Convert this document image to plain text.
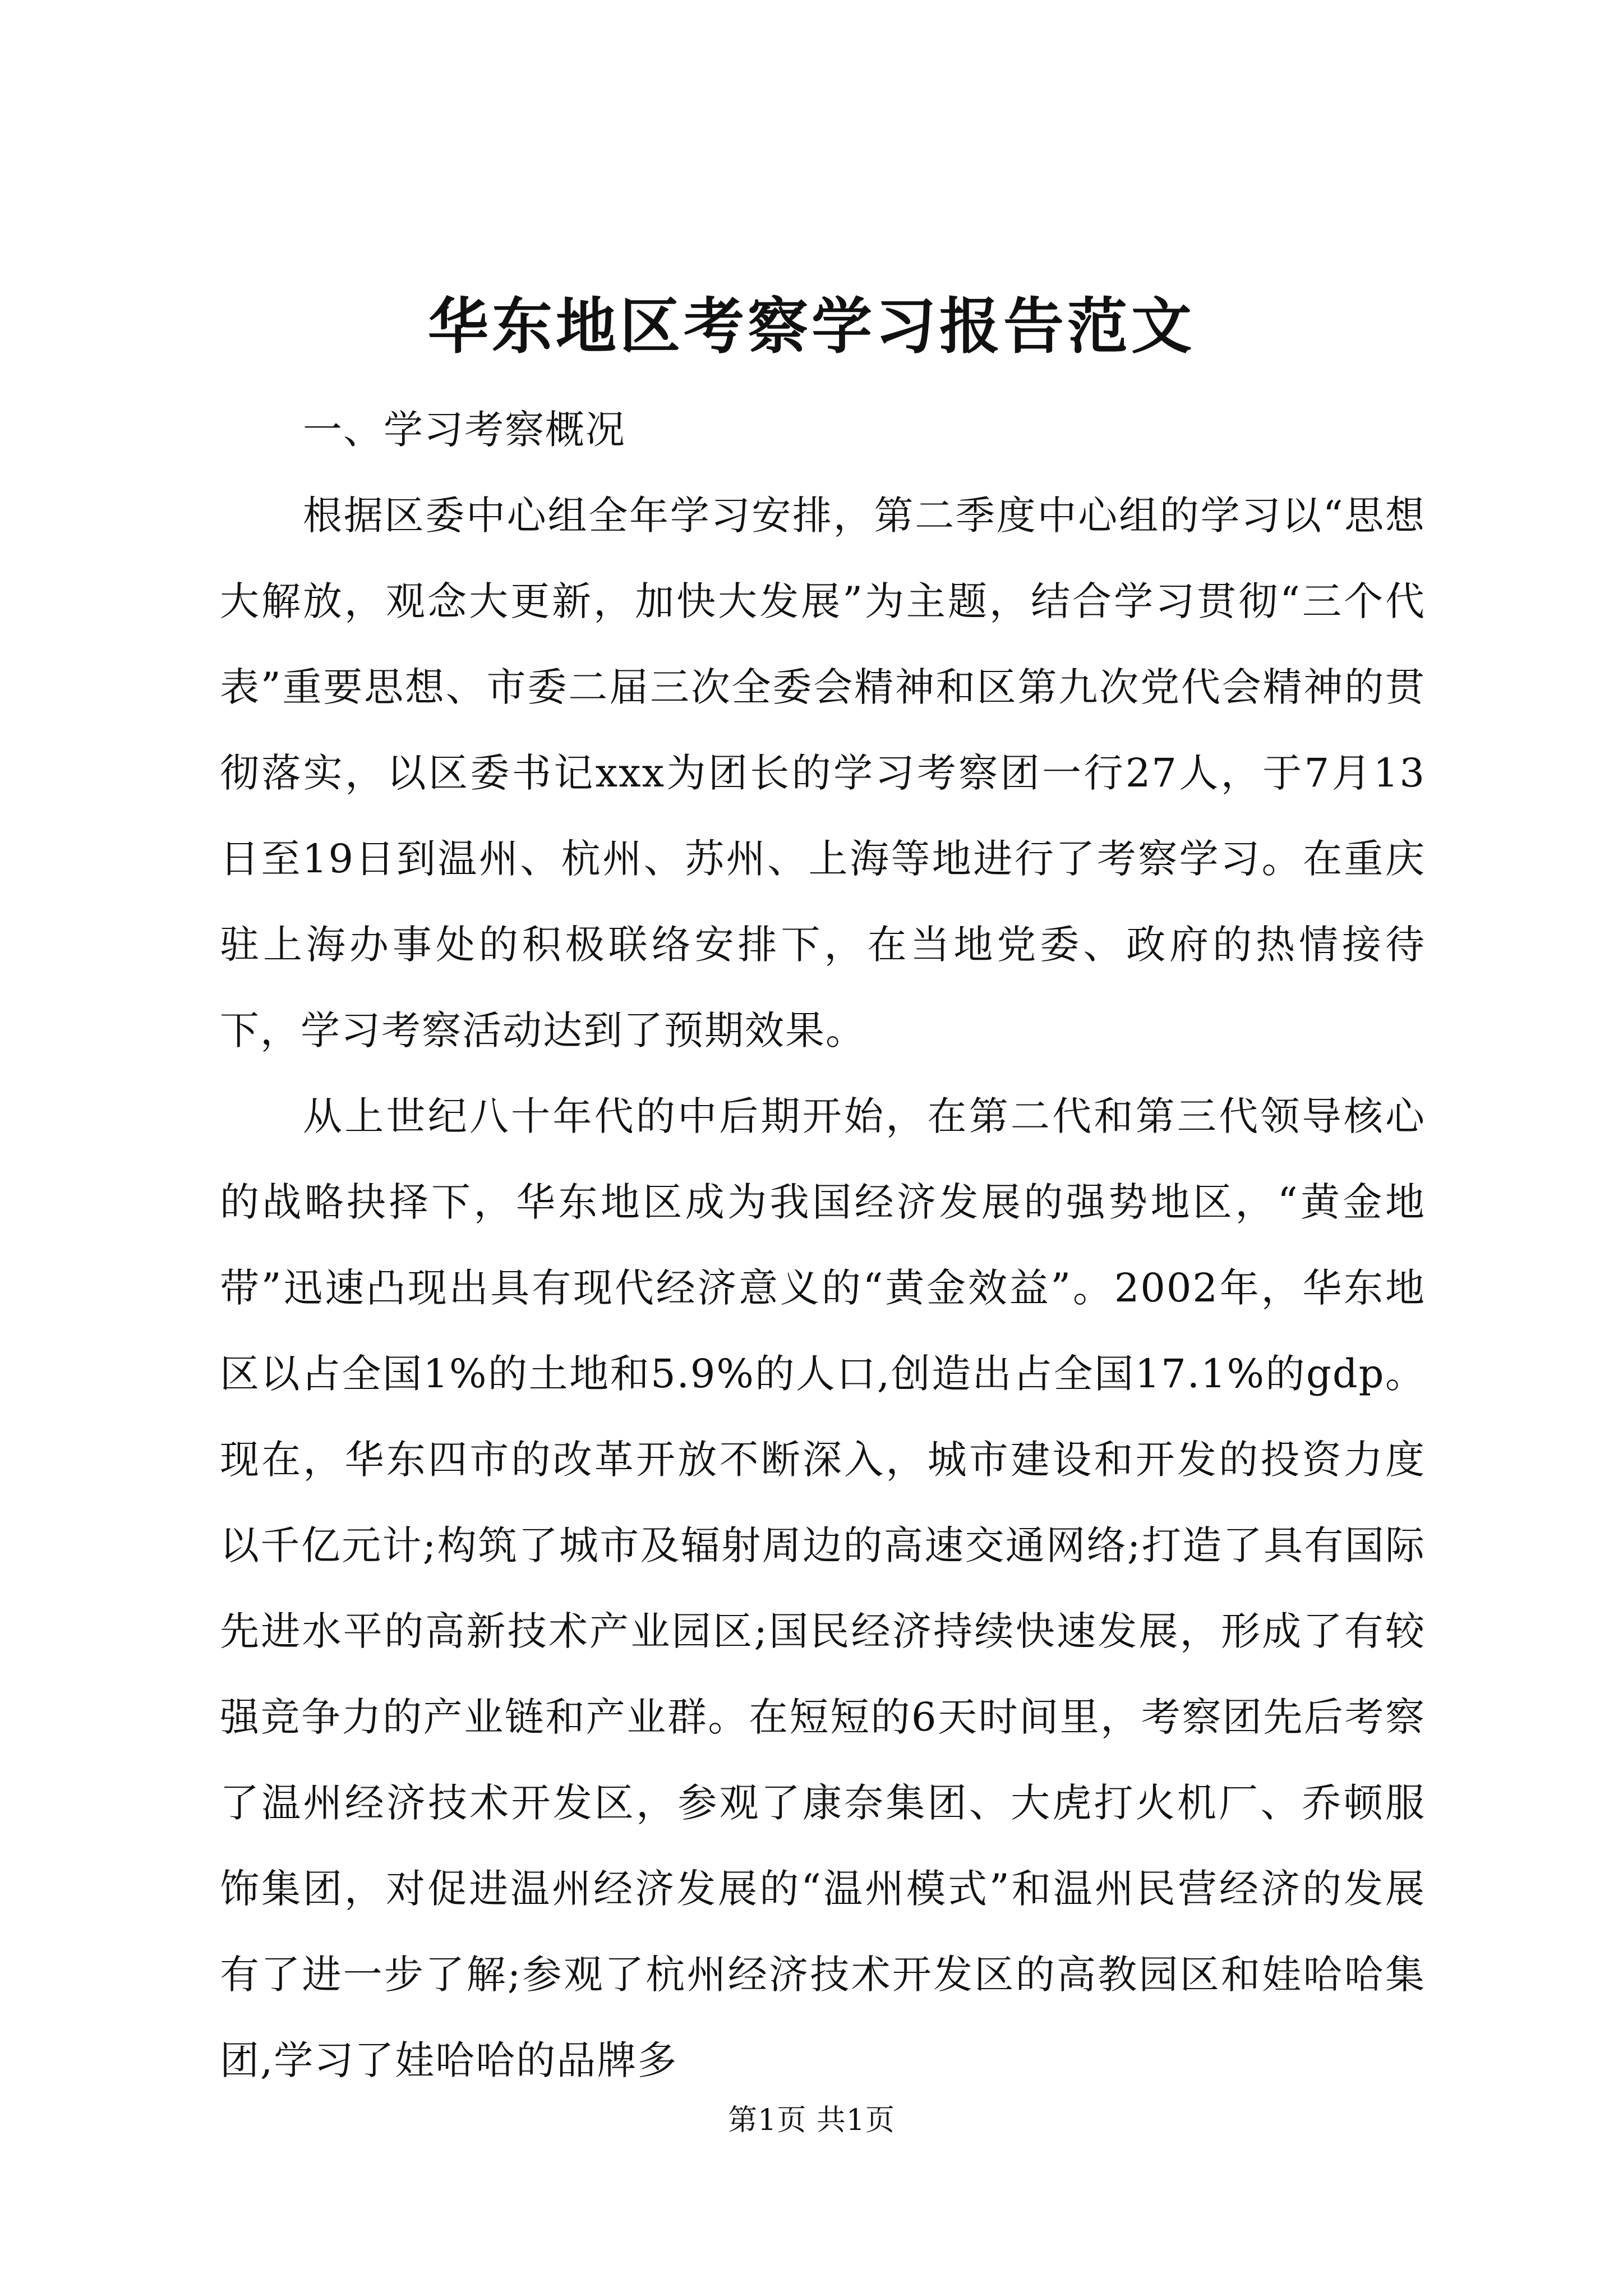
华东地区考察学习报告范文

一、学习考察概况

根据区委中心组全年学习安排，第二季度中心组的学习以“思想大解放，观念大更新，加快大发展”为主题，结合学习贯彻“三个代表”重要思想、市委二届三次全委会精神和区第九次党代会精神的贯彻落实，以区委书记xxx为团长的学习考察团一行27人，于7月13日至19日到温州、杭州、苏州、上海等地进行了考察学习。在重庆驻上海办事处的积极联络安排下，在当地党委、政府的热情接待下，学习考察活动达到了预期效果。

从上世纪八十年代的中后期开始，在第二代和第三代领导核心的战略抉择下，华东地区成为我国经济发展的强势地区，“黄金地带”迅速凸现出具有现代经济意义的“黄金效益”。2002年，华东地区以占全国1%的土地和5.9%的人口,创造出占全国17.1%的gdp。现在，华东四市的改革开放不断深入，城市建设和开发的投资力度以千亿元计;构筑了城市及辐射周边的高速交通网络;打造了具有国际先进水平的高新技术产业园区;国民经济持续快速发展，形成了有较强竞争力的产业链和产业群。在短短的6天时间里，考察团先后考察了温州经济技术开发区，参观了康奈集团、大虎打火机厂、乔顿服饰集团，对促进温州经济发展的“温州模式”和温州民营经济的发展有了进一步了解;参观了杭州经济技术开发区的高教园区和娃哈哈集团,学习了娃哈哈的品牌多

第1页 共1页
